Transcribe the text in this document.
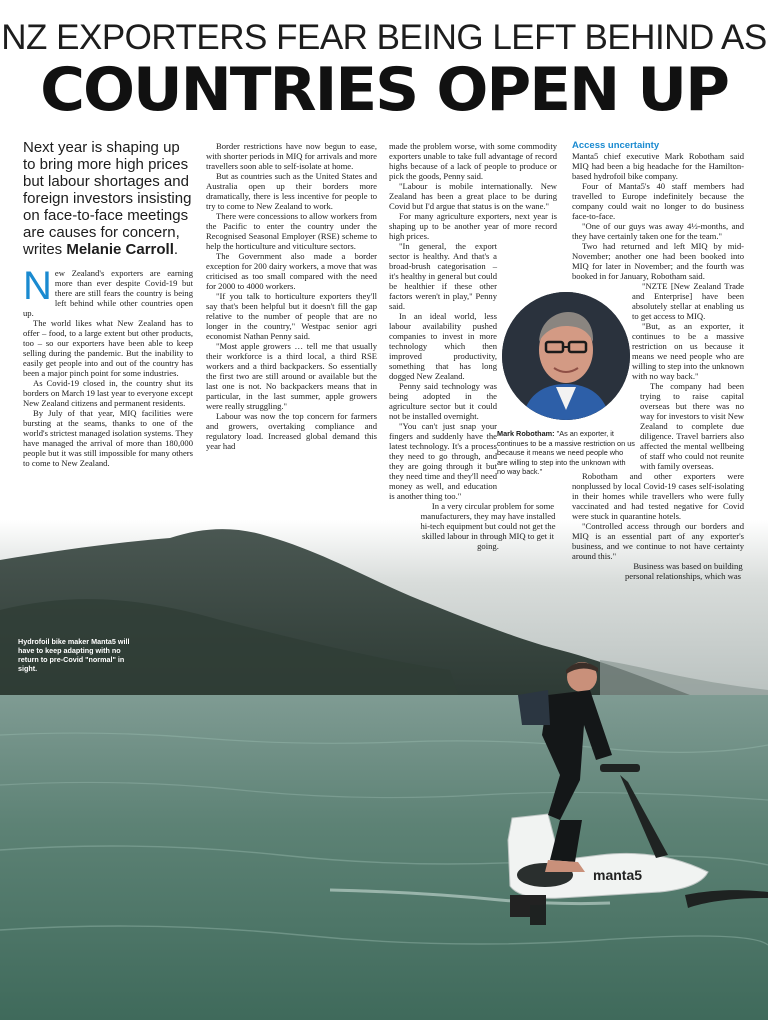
NZ EXPORTERS FEAR BEING LEFT BEHIND AS
COUNTRIES OPEN UP
manta5
Next year is shaping up to bring more high prices but labour shortages and foreign investors insisting on face-to-face meetings are causes for concern, writes Melanie Carroll.

New Zealand's exporters are earning more than ever despite Covid-19 but there are still fears the country is being left behind while other countries open up.

The world likes what New Zealand has to offer – food, to a large extent but other products, too – so our exporters have been able to keep selling during the pandemic. But the inability to easily get people into and out of the country has been a major pinch point for some industries.

As Covid-19 closed in, the country shut its borders on March 19 last year to everyone except New Zealand citizens and permanent residents.

By July of that year, MIQ facilities were bursting at the seams, thanks to one of the world's strictest managed isolation systems. They have managed the arrival of more than 180,000 people but it was still impossible for many others to come to New Zealand.

Border restrictions have now begun to ease, with shorter periods in MIQ for arrivals and more travellers soon able to self-isolate at home.

But as countries such as the United States and Australia open up their borders more dramatically, there is less incentive for people to try to come to New Zealand to work.

There were concessions to allow workers from the Pacific to enter the country under the Recognised Seasonal Employer (RSE) scheme to help the horticulture and viticulture sectors.

The Government also made a border exception for 200 dairy workers, a move that was criticised as too small compared with the need for 2000 to 4000 workers.

"If you talk to horticulture exporters they'll say that's been helpful but it doesn't fill the gap relative to the number of people that are no longer in the country," Westpac senior agri economist Nathan Penny said.

"Most apple growers … tell me that usually their workforce is a third local, a third RSE workers and a third backpackers. So essentially the first two are still around or available but the last one is not. No backpackers means that in particular, in the last summer, apple growers were really struggling."

Labour was now the top concern for farmers and growers, overtaking compliance and regulatory load. Increased global demand this year had

made the problem worse, with some commodity exporters unable to take full advantage of record highs because of a lack of people to produce or pick the goods, Penny said.

"Labour is mobile internationally. New Zealand has been a great place to be during Covid but I'd argue that status is on the wane."

For many agriculture exporters, next year is shaping up to be another year of more record high prices.

"In general, the export sector is healthy. And that's a broad-brush categorisation – it's healthy in general but could be healthier if these other factors weren't in play," Penny said.

In an ideal world, less labour availability pushed companies to invest in more technology which then improved productivity, something that has long dogged New Zealand.

Penny said technology was being adopted in the agriculture sector but it could not be installed overnight.

"You can't just snap your fingers and suddenly have the latest technology. It's a process they need to go through, and they are going through it but they need time and they'll need money as well, and education is another thing too."

In a very circular problem for some manufacturers, they may have installed hi-tech equipment but could not get the skilled labour in through MIQ to get it going.

Access uncertainty

Manta5 chief executive Mark Robotham said MIQ had been a big headache for the Hamilton-based hydrofoil bike company.

Four of Manta5's 40 staff members had travelled to Europe indefinitely because the company could wait no longer to do business face-to-face.

"One of our guys was away 4½-months, and they have certainly taken one for the team."

Two had returned and left MIQ by mid-November; another one had been booked into MIQ for later in November; and the fourth was booked in for January, Robotham said.

"NZTE [New Zealand Trade and Enterprise] have been absolutely stellar at enabling us to get access to MIQ.

"But, as an exporter, it continues to be a massive restriction on us because it means we need people who are willing to step into the unknown with no way back."

The company had been trying to raise capital overseas but there was no way for investors to visit New Zealand to complete due diligence. Travel barriers also affected the mental wellbeing of staff who could not reunite with family overseas.

Robotham and other exporters were nonplussed by local Covid-19 cases self-isolating in their homes while travellers who were fully vaccinated and had tested negative for Covid were stuck in quarantine hotels.

"Controlled access through our borders and MIQ is an essential part of any exporter's business, and we continue to not have certainty around this."

Business was based on building personal relationships, which was

Mark Robotham: "As an exporter, it continues to be a massive restriction on us because it means we need people who are willing to step into the unknown with no way back."
Hydrofoil bike maker Manta5 will have to keep adapting with no return to pre-Covid "normal" in sight.
